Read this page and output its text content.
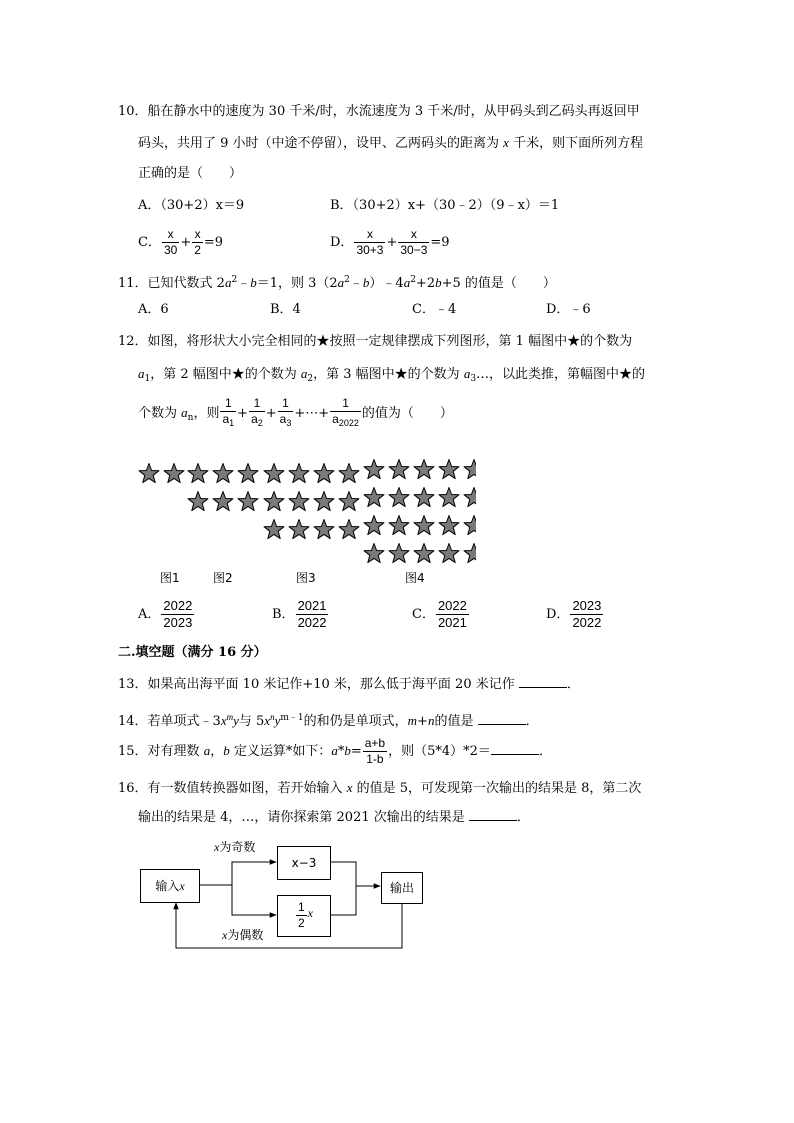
10．船在静水中的速度为 30 千米/时，水流速度为 3 千米/时，从甲码头到乙码头再返回甲
码头，共用了 9 小时（中途不停留），设甲、乙两码头的距离为 x 千米，则下面所列方程
正确的是（　　）
A．（30+2）x＝9	B．（30+2）x+（30﹣2）（9﹣x）＝1
C． $\frac{x}{30} + \frac{x}{2} =9$	D． $\frac{x}{30+3} + \frac{x}{30-3} =9$
11．已知代数式 $2a^2﹣b=1$，则 $3(2a^2﹣b)﹣4a^2+2b+5$ 的值是（　　）
A．6	B．4	C．﹣4	D．﹣6
12．如图，将形状大小完全相同的★按照一定规律摆成下列图形，第 1 幅图中★的个数为
$a_1$，第 2 幅图中★的个数为 $a_2$，第 3 幅图中★的个数为 $a_3\dots$，以此类推，第幅图中★的
个数为 $a_n$，则 $\frac{1}{a_1} + \frac{1}{a_2} + \frac{1}{a_3}$ +⋯+ $\frac{1}{a_{2022}}$ 的值为（　　）
图1	图2	图3	图4
A． $\frac{2022}{2023}$	B． $\frac{2021}{2022}$	C． $\frac{2022}{2021}$	D． $\frac{2023}{2022}$
二.填空题（满分 16 分）
13．如果高出海平面 10 米记作+10 米，那么低于海平面 20 米记作	．
14．若单项式$﹣3x^my$与 $5x^ny^{m﹣1}$的和仍是单项式，m+n的值是	．
15．对有理数 a，b 定义运算*如下：$a*b= \frac{a+b}{1-b}$ ，则（5*4）*2＝	．
16．有一数值转换器如图，若开始输入 x 的值是 5，可发现第一次输出的结果是 8，第二次
输出的结果是 4，…，请你探索第 2021 次输出的结果是	．
输入x
x−3
$\frac{1}{2}$ x
输出
x为奇数
x为偶数
